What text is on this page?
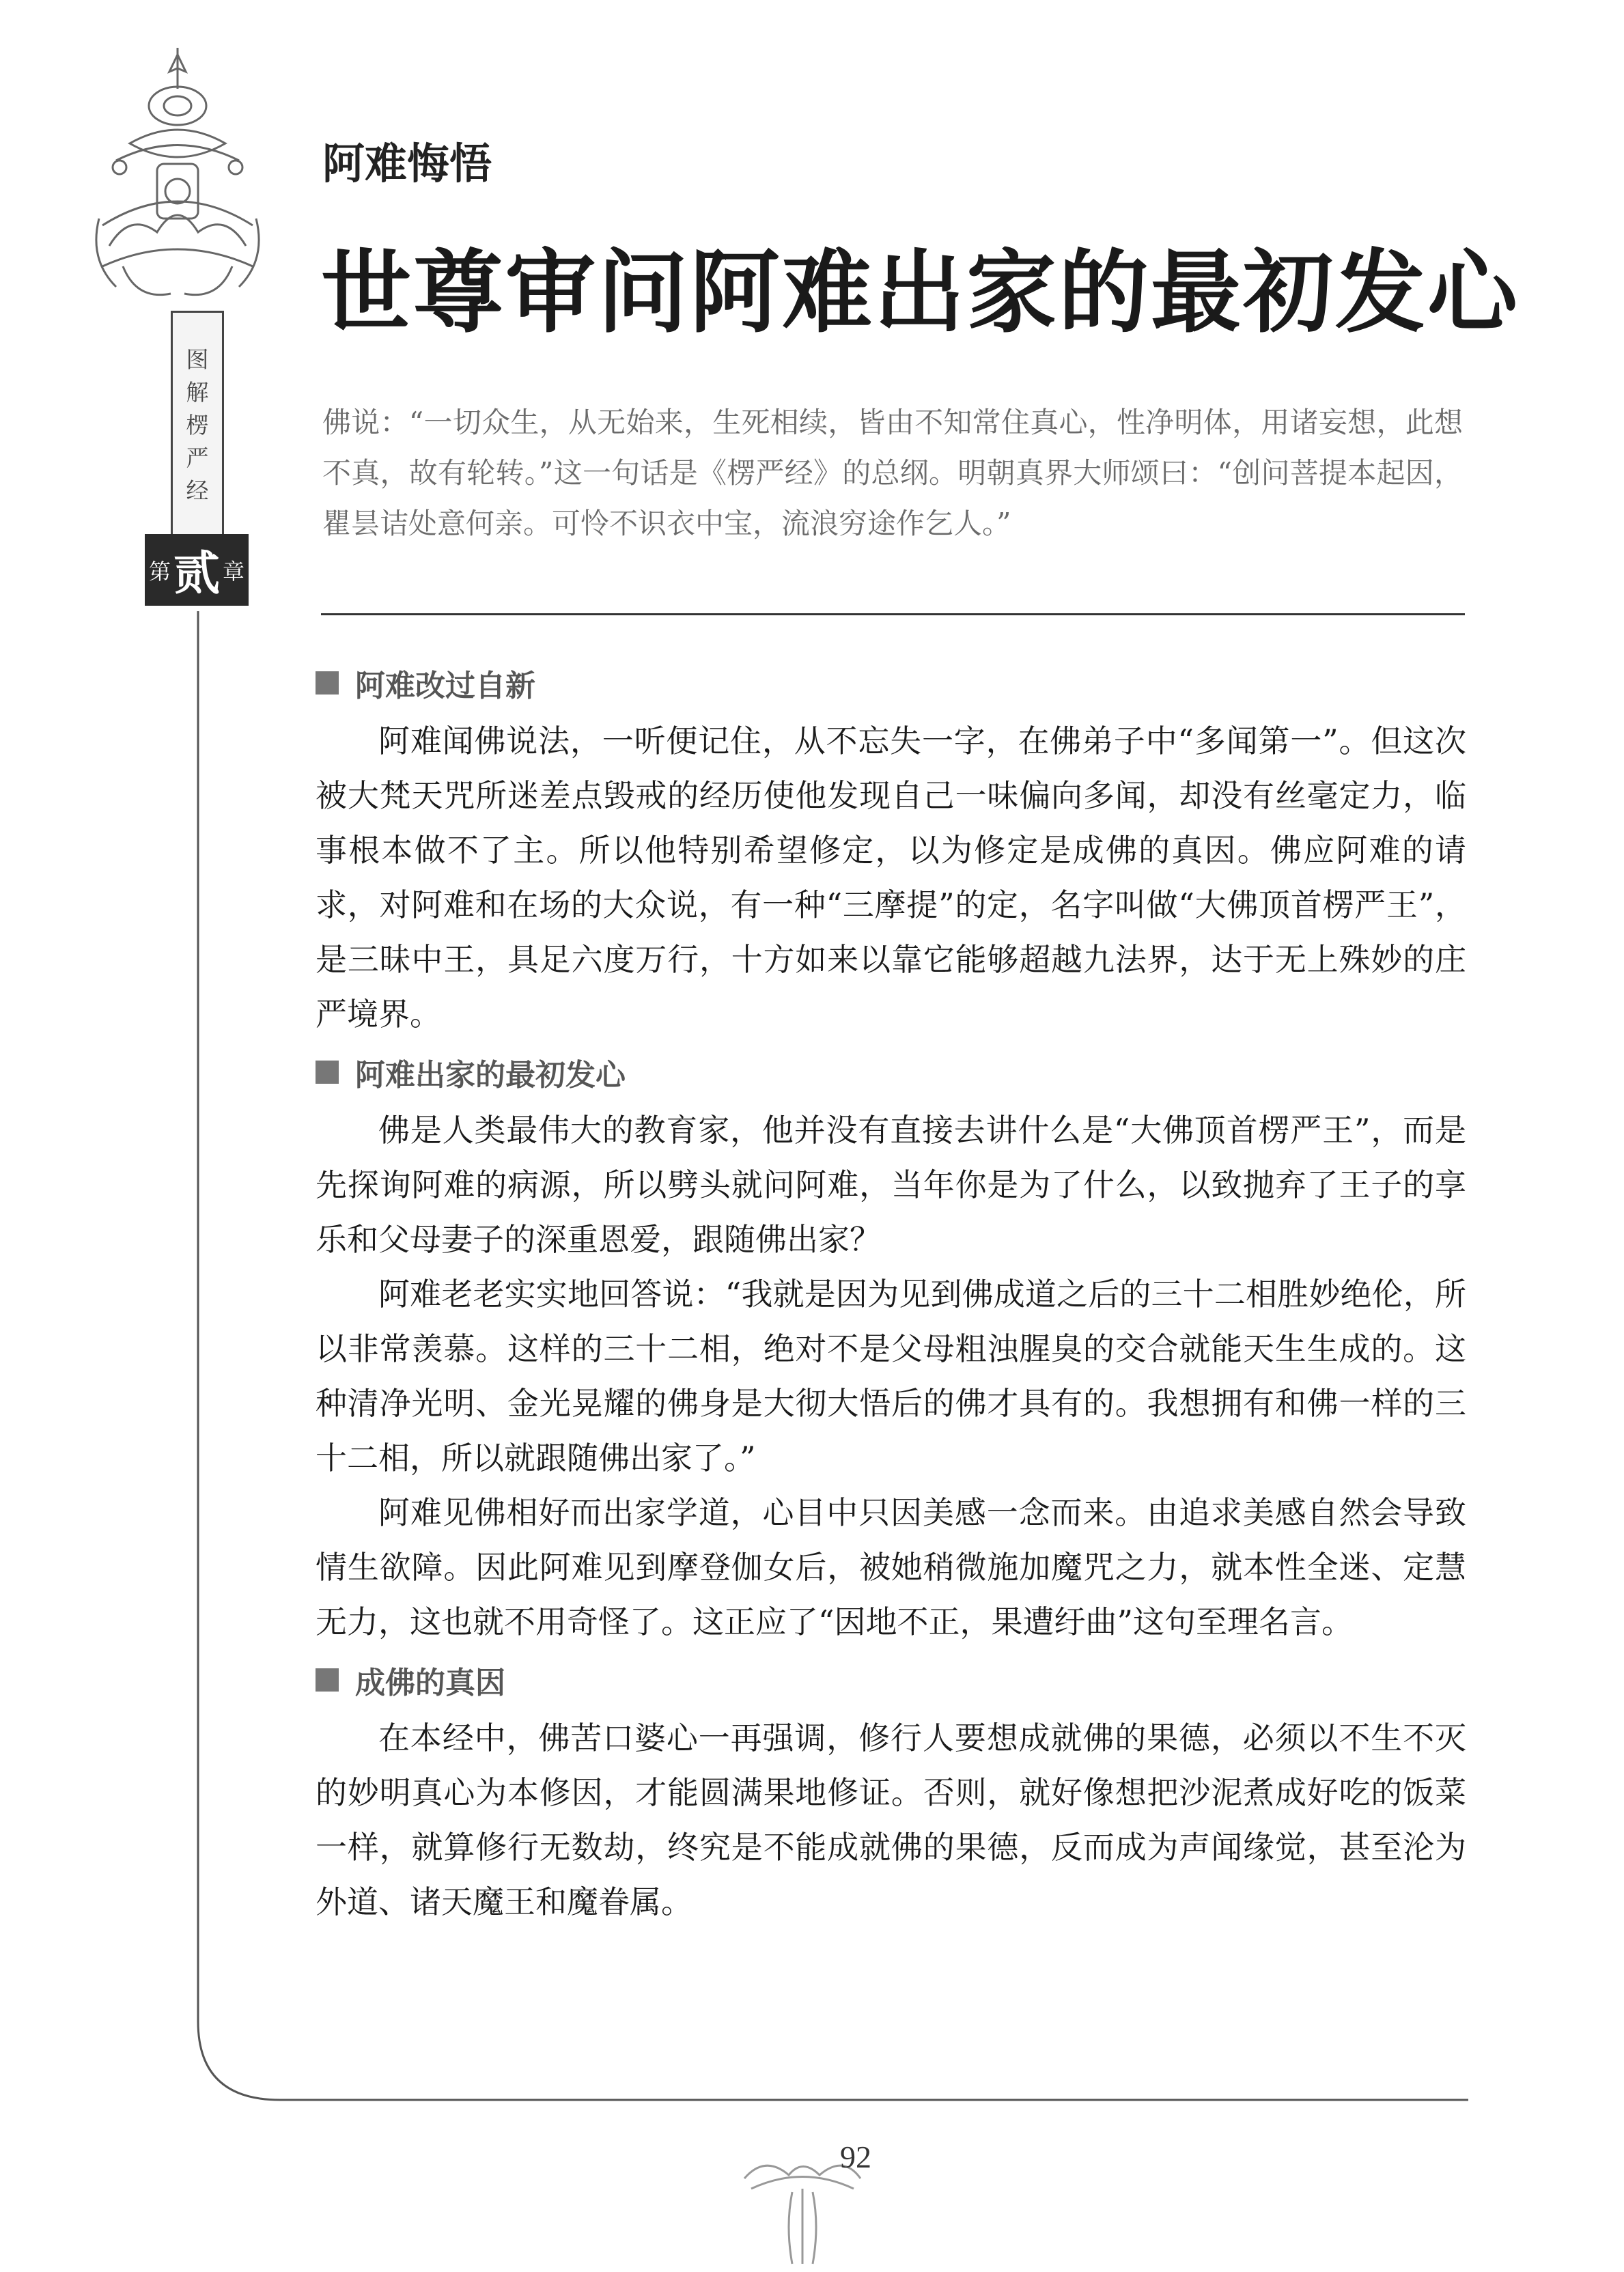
图
解
楞
严
经
第 贰 章
阿难悔悟
世尊审问阿难出家的最初发心

佛说：“一切众生，从无始来，生死相续，皆由不知常住真心，性净明体，用诸妄想，此想不真，故有轮转。”这一句话是《楞严经》的总纲。明朝真界大师颂曰：“创问菩提本起因，瞿昙诘处意何亲。可怜不识衣中宝，流浪穷途作乞人。”

阿难改过自新

阿难闻佛说法，一听便记住，从不忘失一字，在佛弟子中“多闻第一”。但这次被大梵天咒所迷差点毁戒的经历使他发现自己一味偏向多闻，却没有丝毫定力，临事根本做不了主。所以他特别希望修定，以为修定是成佛的真因。佛应阿难的请求，对阿难和在场的大众说，有一种“三摩提”的定，名字叫做“大佛顶首楞严王”，是三昧中王，具足六度万行，十方如来以靠它能够超越九法界，达于无上殊妙的庄严境界。

阿难出家的最初发心

佛是人类最伟大的教育家，他并没有直接去讲什么是“大佛顶首楞严王”，而是先探询阿难的病源，所以劈头就问阿难，当年你是为了什么，以致抛弃了王子的享乐和父母妻子的深重恩爱，跟随佛出家？

阿难老老实实地回答说：“我就是因为见到佛成道之后的三十二相胜妙绝伦，所以非常羡慕。这样的三十二相，绝对不是父母粗浊腥臭的交合就能天生生成的。这种清净光明、金光晃耀的佛身是大彻大悟后的佛才具有的。我想拥有和佛一样的三十二相，所以就跟随佛出家了。”

阿难见佛相好而出家学道，心目中只因美感一念而来。由追求美感自然会导致情生欲障。因此阿难见到摩登伽女后，被她稍微施加魔咒之力，就本性全迷、定慧无力，这也就不用奇怪了。这正应了“因地不正，果遭纡曲”这句至理名言。

成佛的真因

在本经中，佛苦口婆心一再强调，修行人要想成就佛的果德，必须以不生不灭的妙明真心为本修因，才能圆满果地修证。否则，就好像想把沙泥煮成好吃的饭菜一样，就算修行无数劫，终究是不能成就佛的果德，反而成为声闻缘觉，甚至沦为外道、诸天魔王和魔眷属。

92
